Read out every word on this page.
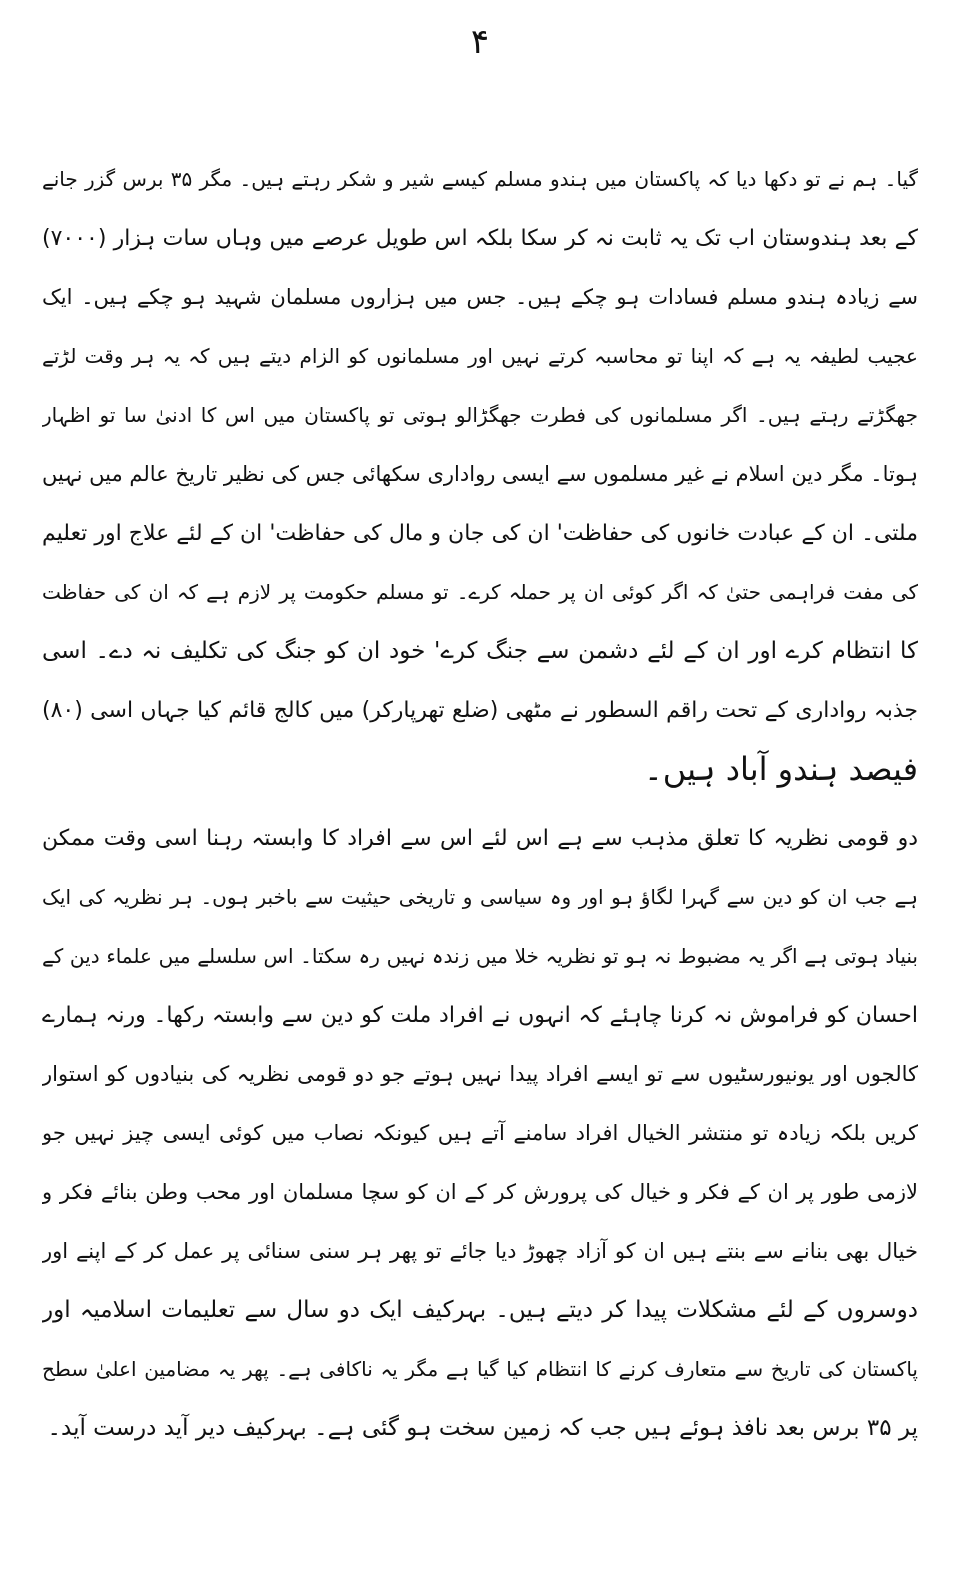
۴
گیا۔ ہم نے تو دکھا دیا کہ پاکستان میں ہندو مسلم کیسے شیر و شکر رہتے ہیں۔ مگر ۳۵ برس گزر جانے
کے بعد ہندوستان اب تک یہ ثابت نہ کر سکا بلکہ اس طویل عرصے میں وہاں سات ہزار (۷۰۰۰)
سے زیادہ ہندو مسلم فسادات ہو چکے ہیں۔ جس میں ہزاروں مسلمان شہید ہو چکے ہیں۔ ایک
عجیب لطیفہ یہ ہے کہ اپنا تو محاسبہ کرتے نہیں اور مسلمانوں کو الزام دیتے ہیں کہ یہ ہر وقت لڑتے
جھگڑتے رہتے ہیں۔ اگر مسلمانوں کی فطرت جھگڑالو ہوتی تو پاکستان میں اس کا ادنیٰ سا تو اظہار
ہوتا۔ مگر دین اسلام نے غیر مسلموں سے ایسی رواداری سکھائی جس کی نظیر تاریخ عالم میں نہیں
ملتی۔ ان کے عبادت خانوں کی حفاظت' ان کی جان و مال کی حفاظت' ان کے لئے علاج اور تعلیم
کی مفت فراہمی حتیٰ کہ اگر کوئی ان پر حملہ کرے۔ تو مسلم حکومت پر لازم ہے کہ ان کی حفاظت
کا انتظام کرے اور ان کے لئے دشمن سے جنگ کرے' خود ان کو جنگ کی تکلیف نہ دے۔ اسی
جذبہ رواداری کے تحت راقم السطور نے مٹھی (ضلع تھرپارکر) میں کالج قائم کیا جہاں اسی (۸۰)
فیصد ہندو آباد ہیں۔
دو قومی نظریہ کا تعلق مذہب سے ہے اس لئے اس سے افراد کا وابستہ رہنا اسی وقت ممکن
ہے جب ان کو دین سے گہرا لگاؤ ہو اور وہ سیاسی و تاریخی حیثیت سے باخبر ہوں۔ ہر نظریہ کی ایک
بنیاد ہوتی ہے اگر یہ مضبوط نہ ہو تو نظریہ خلا میں زندہ نہیں رہ سکتا۔ اس سلسلے میں علماء دین کے
احسان کو فراموش نہ کرنا چاہئے کہ انہوں نے افراد ملت کو دین سے وابستہ رکھا۔ ورنہ ہمارے
کالجوں اور یونیورسٹیوں سے تو ایسے افراد پیدا نہیں ہوتے جو دو قومی نظریہ کی بنیادوں کو استوار
کریں بلکہ زیادہ تو منتشر الخیال افراد سامنے آتے ہیں کیونکہ نصاب میں کوئی ایسی چیز نہیں جو
لازمی طور پر ان کے فکر و خیال کی پرورش کر کے ان کو سچا مسلمان اور محب وطن بنائے فکر و
خیال بھی بنانے سے بنتے ہیں ان کو آزاد چھوڑ دیا جائے تو پھر ہر سنی سنائی پر عمل کر کے اپنے اور
دوسروں کے لئے مشکلات پیدا کر دیتے ہیں۔ بہرکیف ایک دو سال سے تعلیمات اسلامیہ اور
پاکستان کی تاریخ سے متعارف کرنے کا انتظام کیا گیا ہے مگر یہ ناکافی ہے۔ پھر یہ مضامین اعلیٰ سطح
پر ۳۵ برس بعد نافذ ہوئے ہیں جب کہ زمین سخت ہو گئی ہے۔ بہرکیف دیر آید درست آید۔
